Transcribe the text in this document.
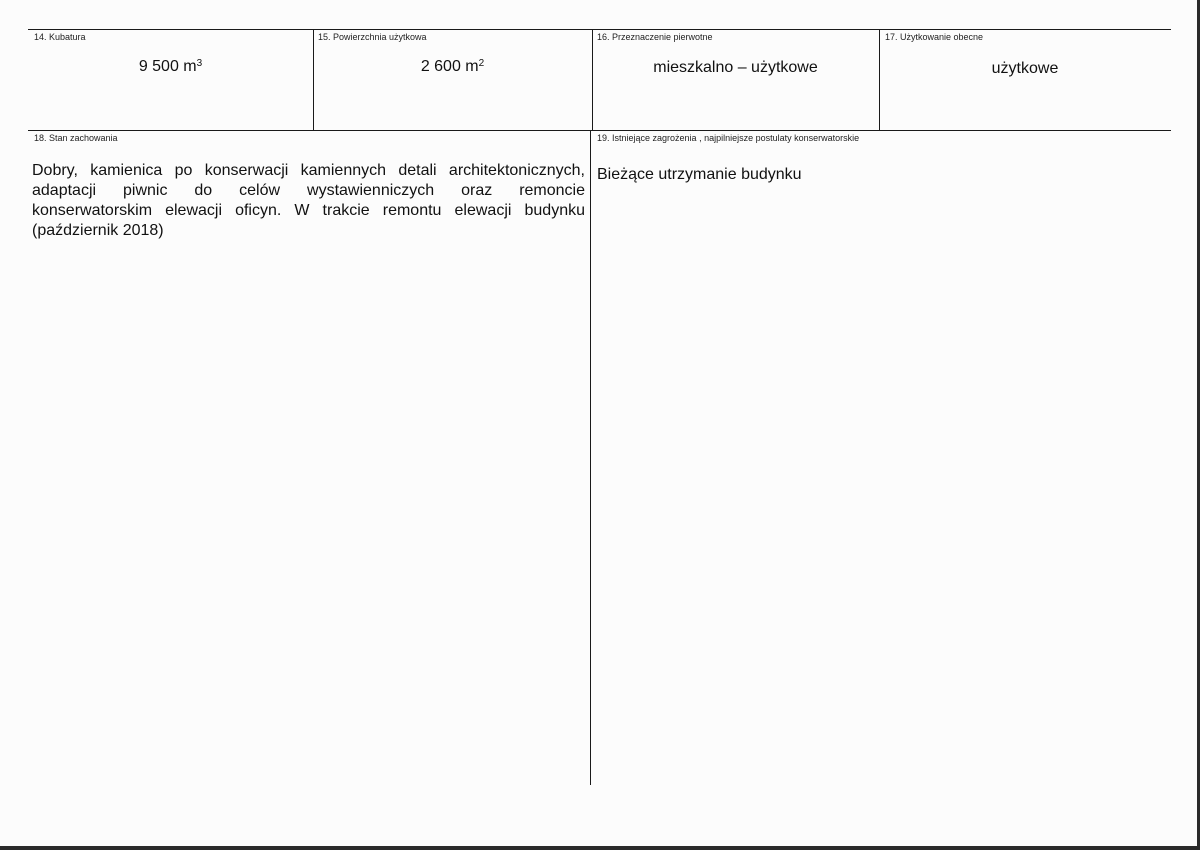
14. Kubatura
9 500 $m^3$
15. Powierzchnia użytkowa
2 600 $m^2$
16. Przeznaczenie pierwotne
mieszkalno – użytkowe
17. Użytkowanie obecne
użytkowe
18. Stan zachowania
Dobry, kamienica po konserwacji kamiennych detali architektonicznych,
adaptacji piwnic do celów wystawienniczych oraz remoncie
konserwatorskim elewacji oficyn. W trakcie remontu elewacji budynku
(październik 2018)
19. Istniejące zagrożenia , najpilniejsze postulaty konserwatorskie
Bieżące utrzymanie budynku
